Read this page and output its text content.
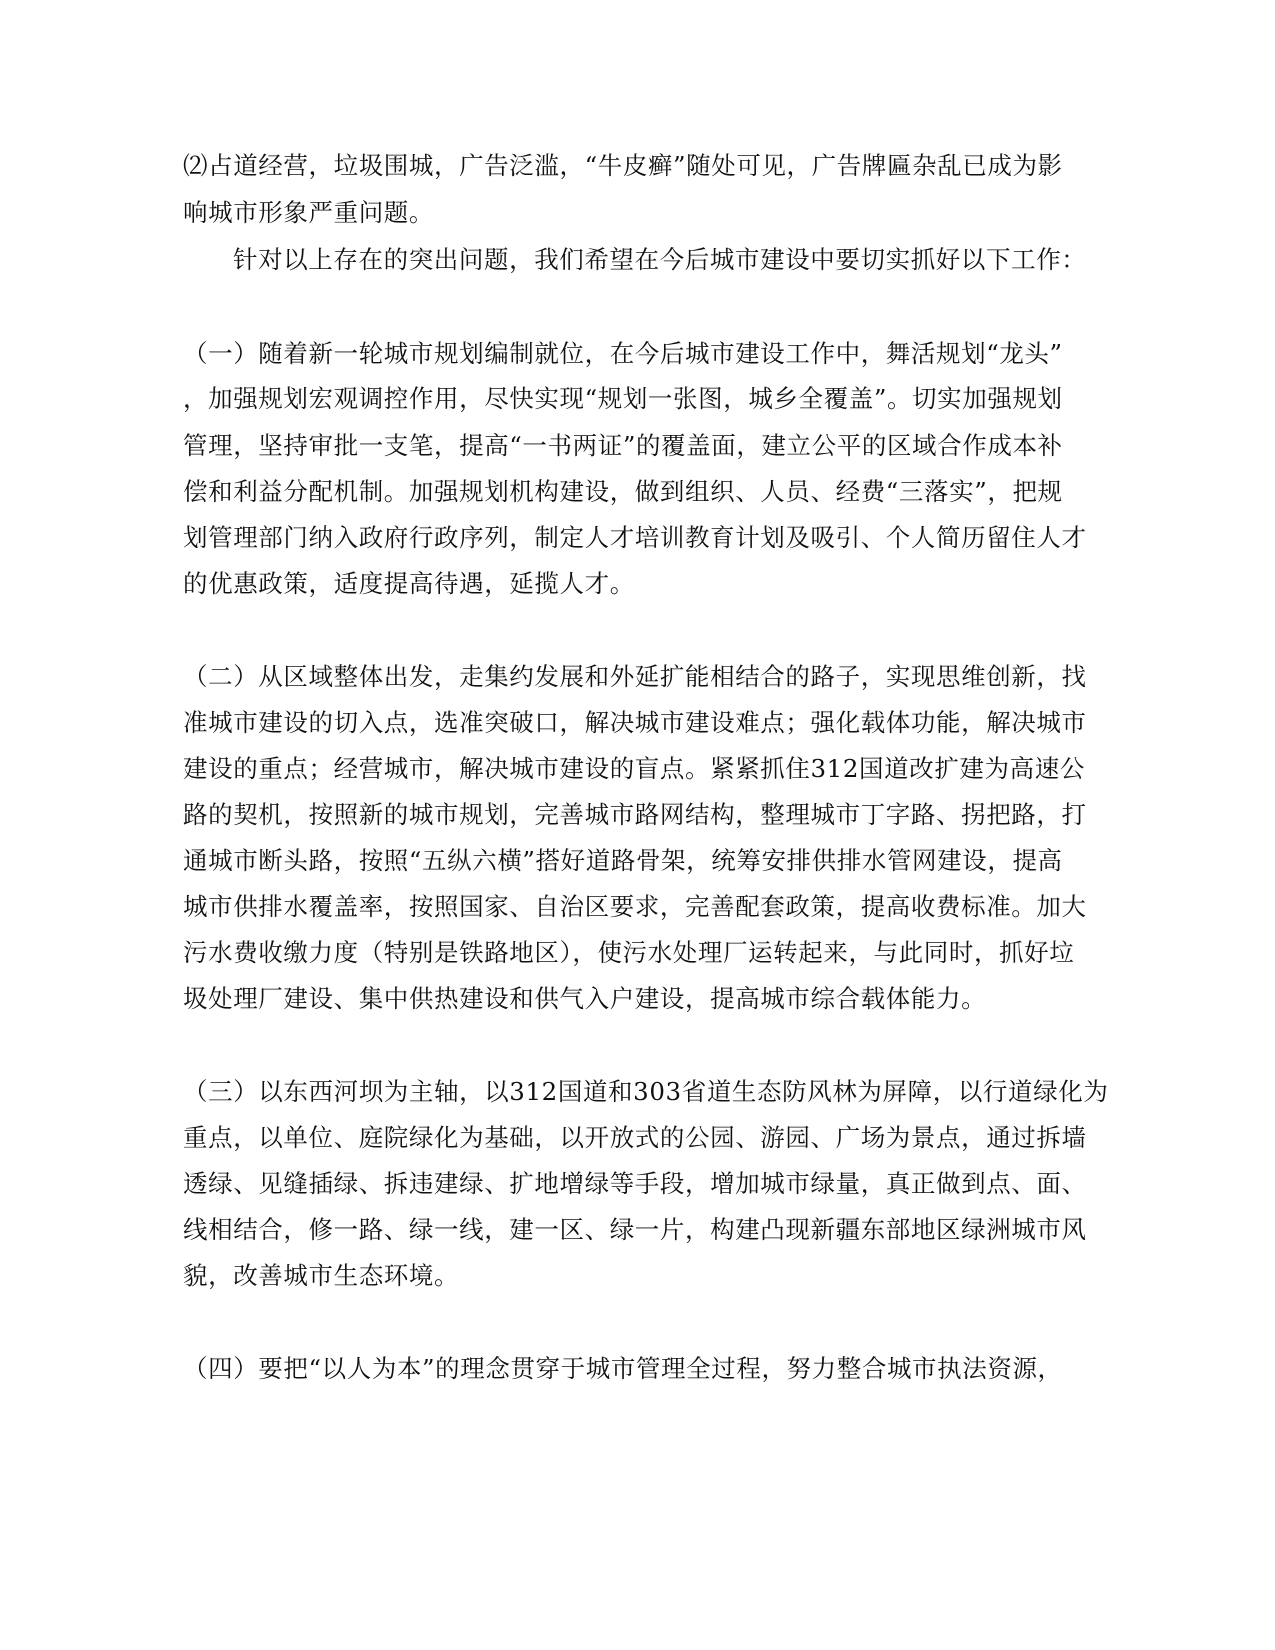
⑵占道经营，垃圾围城，广告泛滥，“牛皮癣”随处可见，广告牌匾杂乱已成为影
响城市形象严重问题。
针对以上存在的突出问题，我们希望在今后城市建设中要切实抓好以下工作：
（一）随着新一轮城市规划编制就位，在今后城市建设工作中，舞活规划“龙头”
，加强规划宏观调控作用，尽快实现“规划一张图，城乡全覆盖”。切实加强规划
管理，坚持审批一支笔，提高“一书两证”的覆盖面，建立公平的区域合作成本补
偿和利益分配机制。加强规划机构建设，做到组织、人员、经费“三落实”，把规
划管理部门纳入政府行政序列，制定人才培训教育计划及吸引、个人简历留住人才
的优惠政策，适度提高待遇，延揽人才。
（二）从区域整体出发，走集约发展和外延扩能相结合的路子，实现思维创新，找
准城市建设的切入点，选准突破口，解决城市建设难点；强化载体功能，解决城市
建设的重点；经营城市，解决城市建设的盲点。紧紧抓住312国道改扩建为高速公
路的契机，按照新的城市规划，完善城市路网结构，整理城市丁字路、拐把路，打
通城市断头路，按照“五纵六横”搭好道路骨架，统筹安排供排水管网建设，提高
城市供排水覆盖率，按照国家、自治区要求，完善配套政策，提高收费标准。加大
污水费收缴力度（特别是铁路地区），使污水处理厂运转起来，与此同时，抓好垃
圾处理厂建设、集中供热建设和供气入户建设，提高城市综合载体能力。
（三）以东西河坝为主轴，以312国道和303省道生态防风林为屏障，以行道绿化为
重点，以单位、庭院绿化为基础，以开放式的公园、游园、广场为景点，通过拆墙
透绿、见缝插绿、拆违建绿、扩地增绿等手段，增加城市绿量，真正做到点、面、
线相结合，修一路、绿一线，建一区、绿一片，构建凸现新疆东部地区绿洲城市风
貌，改善城市生态环境。
（四）要把“以人为本”的理念贯穿于城市管理全过程，努力整合城市执法资源，
